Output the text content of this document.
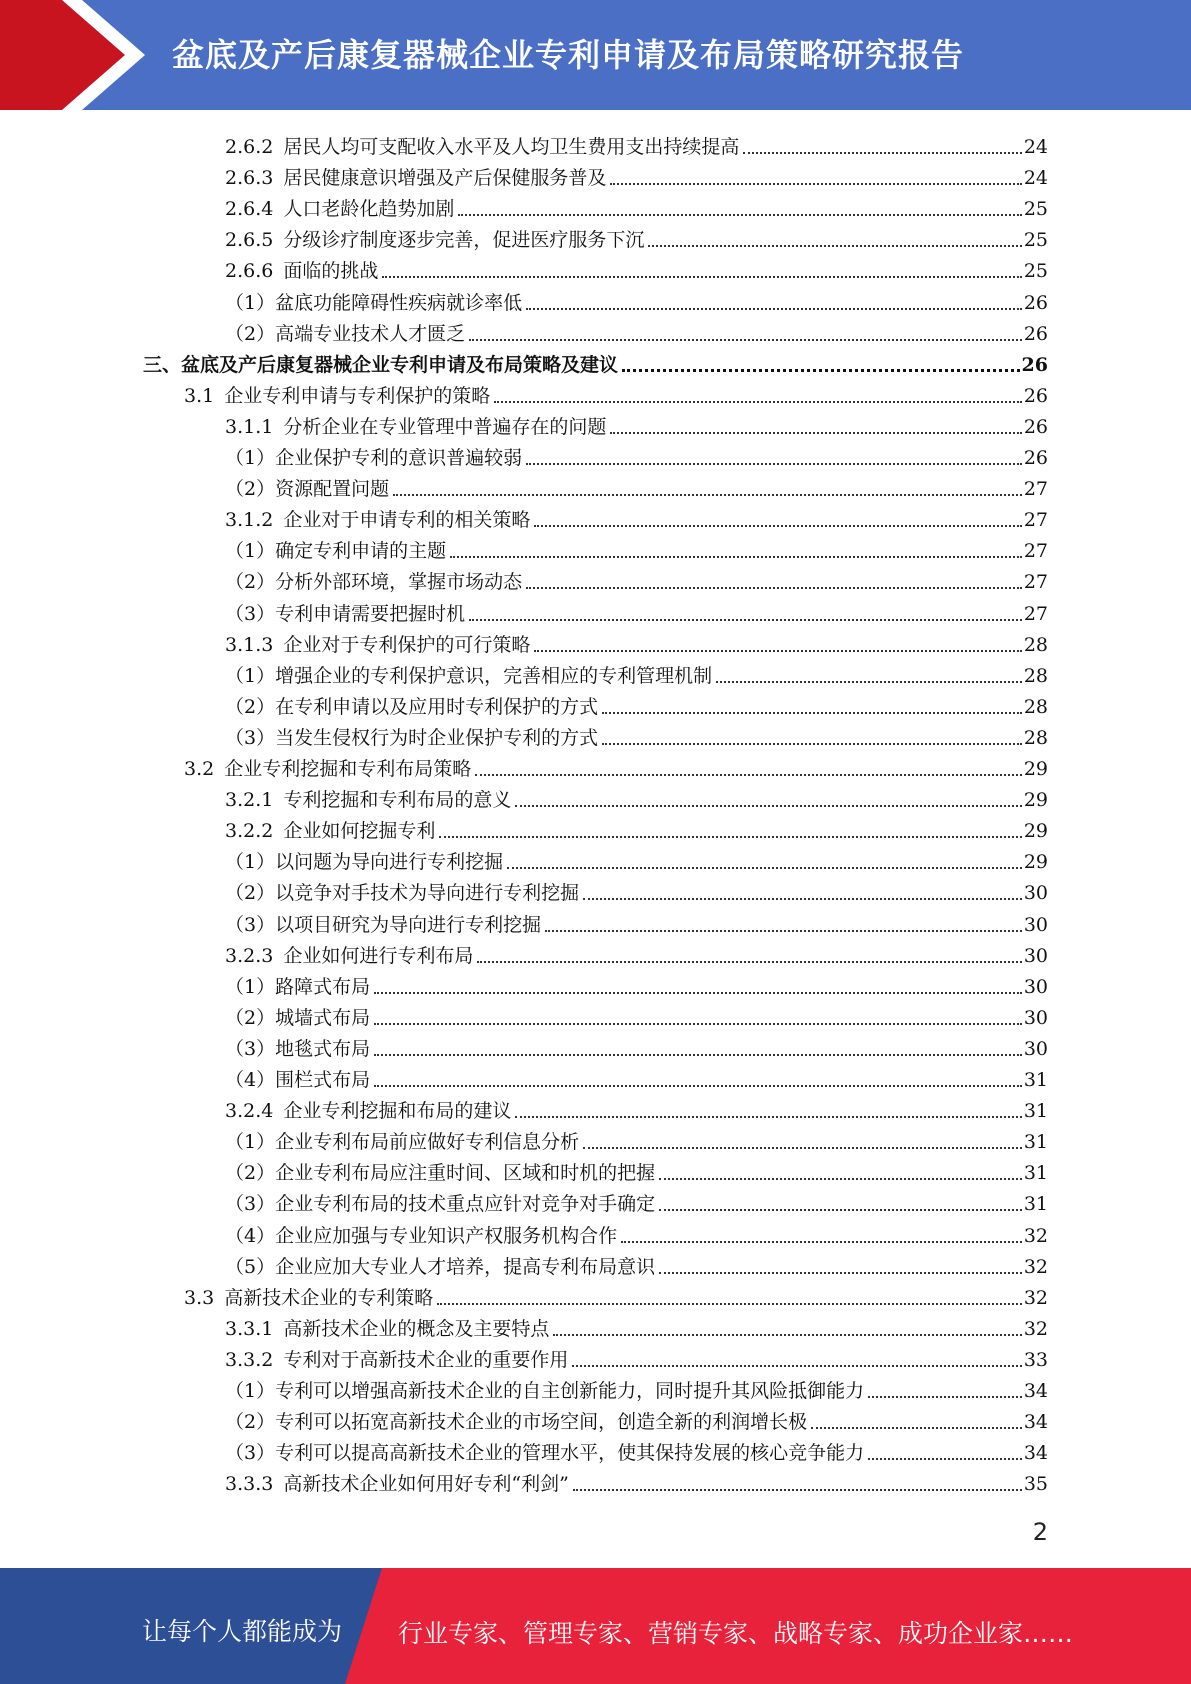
盆底及产后康复器械企业专利申请及布局策略研究报告
2.6.2 居民人均可支配收入水平及人均卫生费用支出持续提高	24
2.6.3 居民健康意识增强及产后保健服务普及	24
2.6.4 人口老龄化趋势加剧	25
2.6.5 分级诊疗制度逐步完善，促进医疗服务下沉	25
2.6.6 面临的挑战	25
（1）盆底功能障碍性疾病就诊率低	26
（2）高端专业技术人才匮乏	26
三、盆底及产后康复器械企业专利申请及布局策略及建议	26
3.1 企业专利申请与专利保护的策略	26
3.1.1 分析企业在专业管理中普遍存在的问题	26
（1）企业保护专利的意识普遍较弱	26
（2）资源配置问题	27
3.1.2 企业对于申请专利的相关策略	27
（1）确定专利申请的主题	27
（2）分析外部环境，掌握市场动态	27
（3）专利申请需要把握时机	27
3.1.3 企业对于专利保护的可行策略	28
（1）增强企业的专利保护意识，完善相应的专利管理机制	28
（2）在专利申请以及应用时专利保护的方式	28
（3）当发生侵权行为时企业保护专利的方式	28
3.2 企业专利挖掘和专利布局策略	29
3.2.1 专利挖掘和专利布局的意义	29
3.2.2 企业如何挖掘专利	29
（1）以问题为导向进行专利挖掘	29
（2）以竞争对手技术为导向进行专利挖掘	30
（3）以项目研究为导向进行专利挖掘	30
3.2.3 企业如何进行专利布局	30
（1）路障式布局	30
（2）城墙式布局	30
（3）地毯式布局	30
（4）围栏式布局	31
3.2.4 企业专利挖掘和布局的建议	31
（1）企业专利布局前应做好专利信息分析	31
（2）企业专利布局应注重时间、区域和时机的把握	31
（3）企业专利布局的技术重点应针对竞争对手确定	31
（4）企业应加强与专业知识产权服务机构合作	32
（5）企业应加大专业人才培养，提高专利布局意识	32
3.3 高新技术企业的专利策略	32
3.3.1 高新技术企业的概念及主要特点	32
3.3.2 专利对于高新技术企业的重要作用	33
（1）专利可以增强高新技术企业的自主创新能力，同时提升其风险抵御能力	34
（2）专利可以拓宽高新技术企业的市场空间，创造全新的利润增长极	34
（3）专利可以提高高新技术企业的管理水平，使其保持发展的核心竞争能力	34
3.3.3 高新技术企业如何用好专利“利剑”	35
2
让每个人都能成为 行业专家、管理专家、营销专家、战略专家、成功企业家……
